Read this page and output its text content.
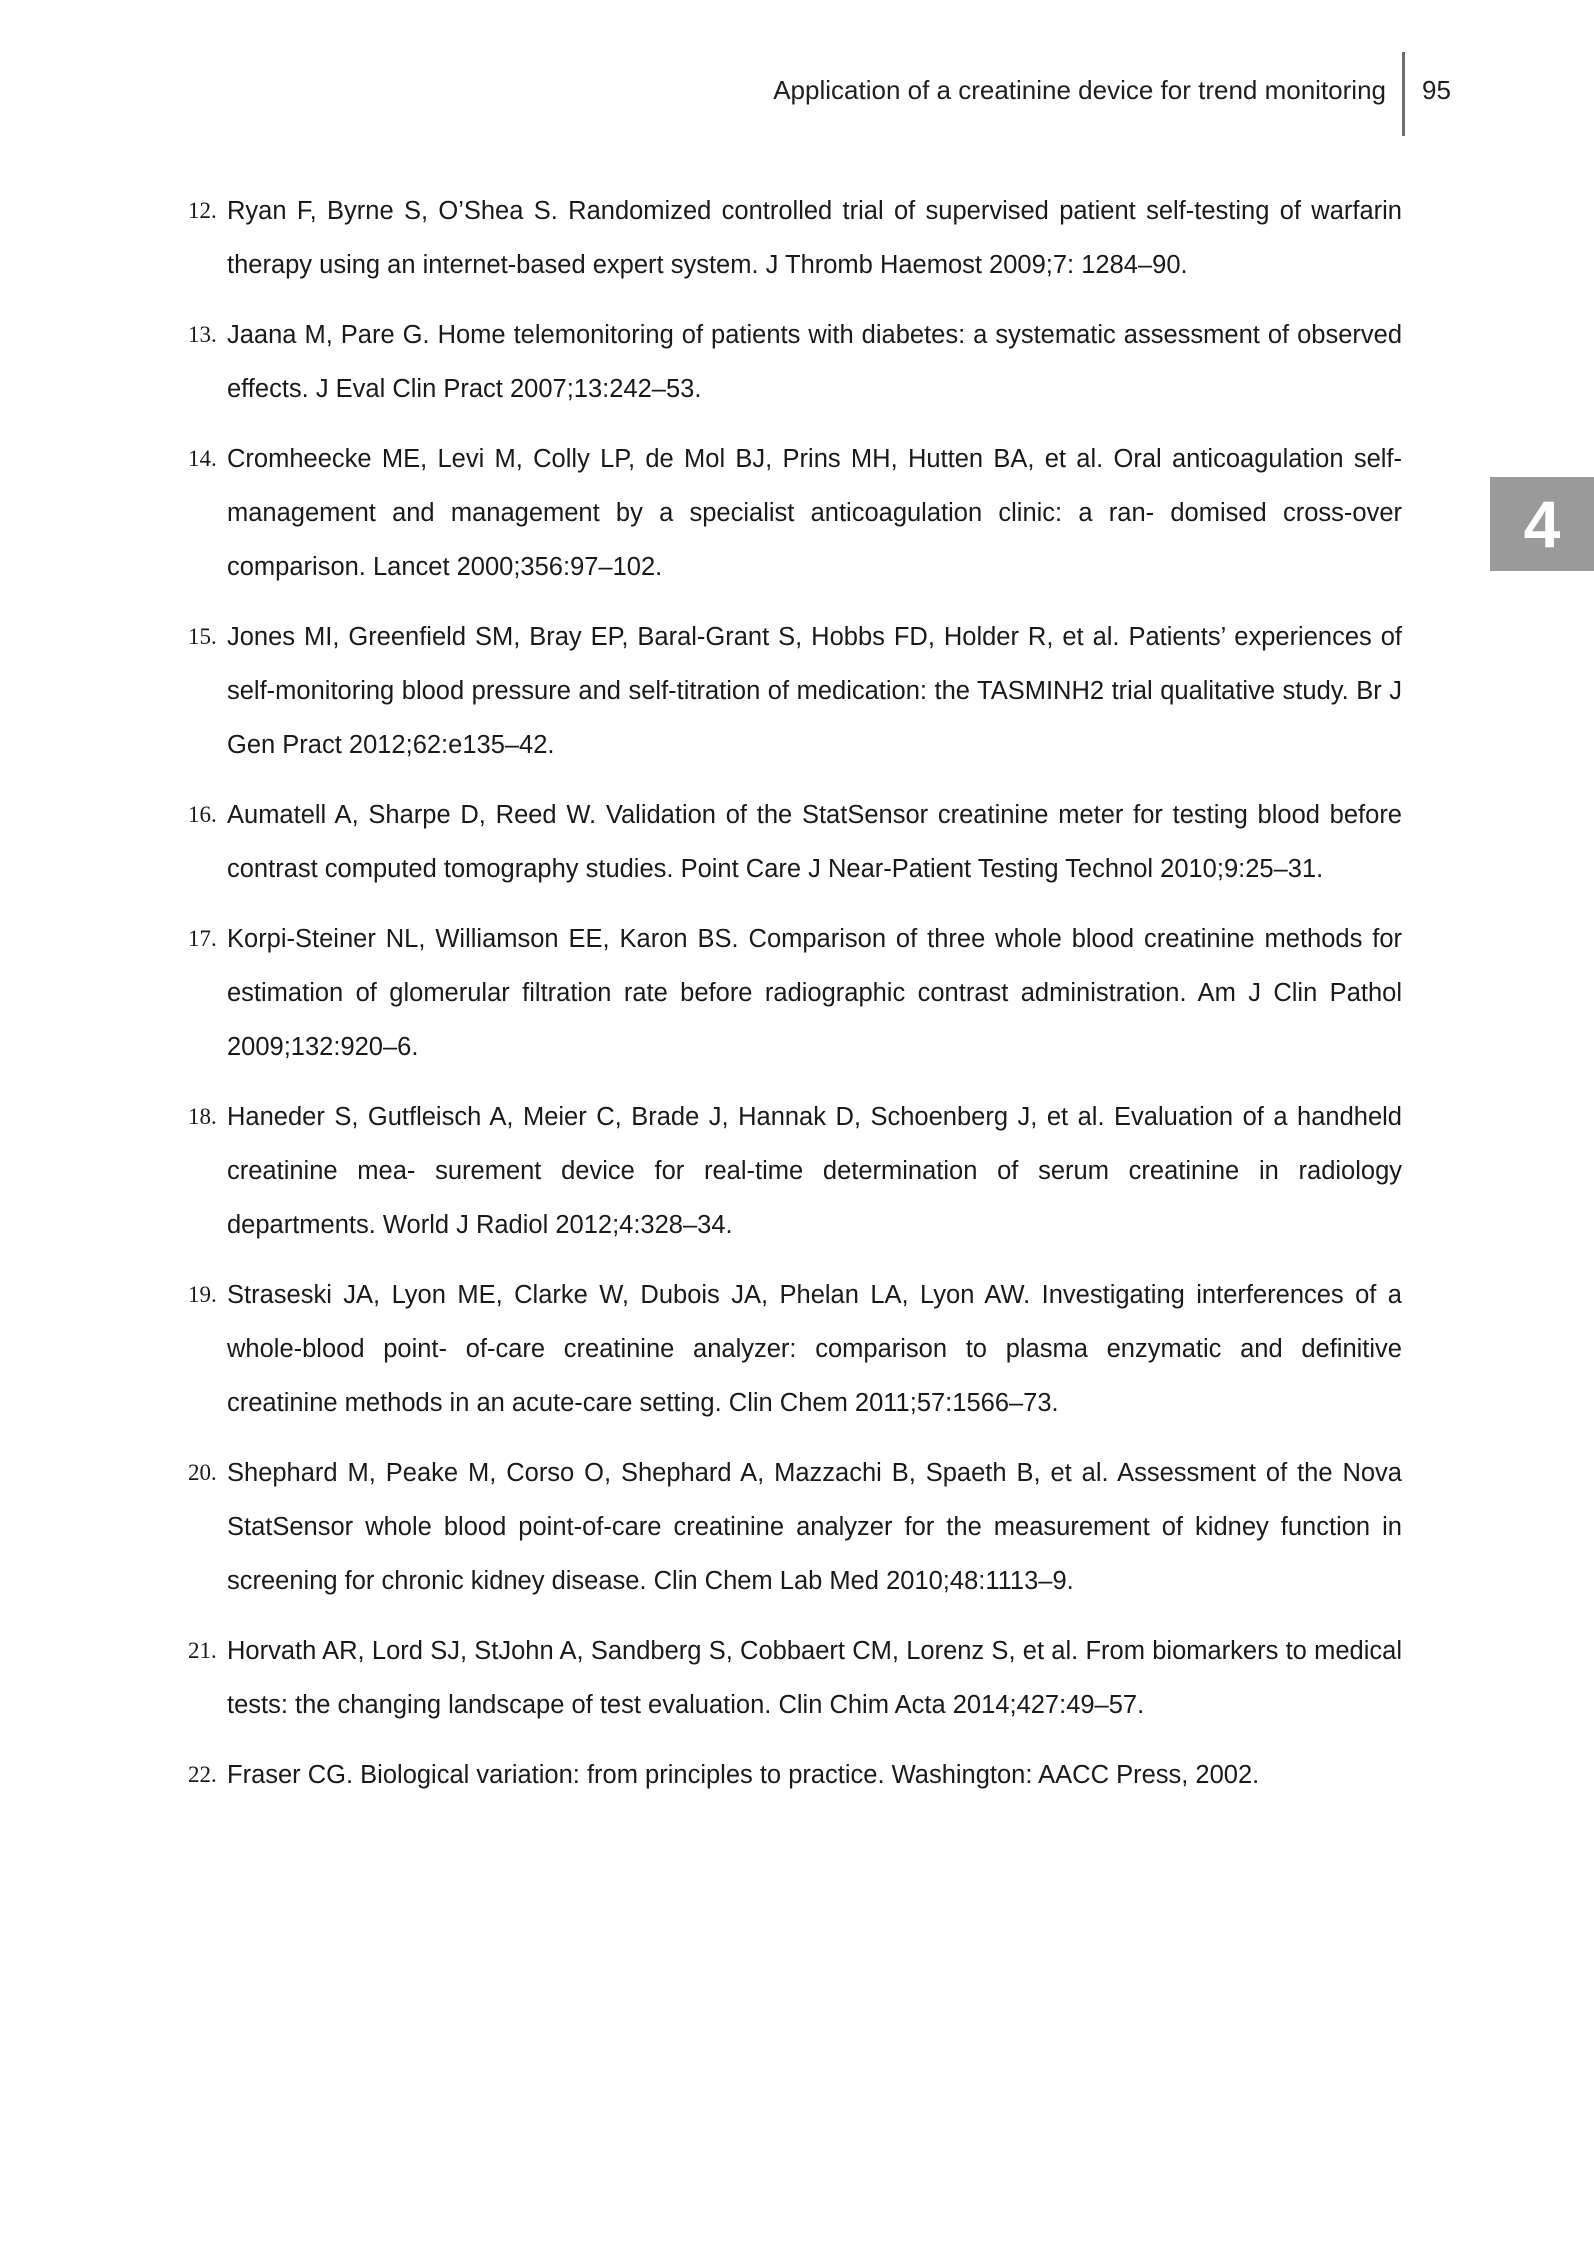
Application of a creatinine device for trend monitoring 95
4
12. Ryan F, Byrne S, O’Shea S. Randomized controlled trial of supervised patient self-testing of warfarin therapy using an internet-based expert system. J Thromb Haemost 2009;7: 1284–90.
13. Jaana M, Pare G. Home telemonitoring of patients with diabetes: a systematic assessment of observed effects. J Eval Clin Pract 2007;13:242–53.
14. Cromheecke ME, Levi M, Colly LP, de Mol BJ, Prins MH, Hutten BA, et al. Oral anticoagulation self-management and management by a specialist anticoagulation clinic: a ran- domised cross-over comparison. Lancet 2000;356:97–102.
15. Jones MI, Greenfield SM, Bray EP, Baral-Grant S, Hobbs FD, Holder R, et al. Patients’ experiences of self-monitoring blood pressure and self-titration of medication: the TASMINH2 trial qualitative study. Br J Gen Pract 2012;62:e135–42.
16. Aumatell A, Sharpe D, Reed W. Validation of the StatSensor creatinine meter for testing blood before contrast computed tomography studies. Point Care J Near-Patient Testing Technol 2010;9:25–31.
17. Korpi-Steiner NL, Williamson EE, Karon BS. Comparison of three whole blood creatinine methods for estimation of glomerular filtration rate before radiographic contrast administration. Am J Clin Pathol 2009;132:920–6.
18. Haneder S, Gutfleisch A, Meier C, Brade J, Hannak D, Schoenberg J, et al. Evaluation of a handheld creatinine mea- surement device for real-time determination of serum creatinine in radiology departments. World J Radiol 2012;4:328–34.
19. Straseski JA, Lyon ME, Clarke W, Dubois JA, Phelan LA, Lyon AW. Investigating interferences of a whole-blood point- of-care creatinine analyzer: comparison to plasma enzymatic and definitive creatinine methods in an acute-care setting. Clin Chem 2011;57:1566–73.
20. Shephard M, Peake M, Corso O, Shephard A, Mazzachi B, Spaeth B, et al. Assessment of the Nova StatSensor whole blood point-of-care creatinine analyzer for the measurement of kidney function in screening for chronic kidney disease. Clin Chem Lab Med 2010;48:1113–9.
21. Horvath AR, Lord SJ, StJohn A, Sandberg S, Cobbaert CM, Lorenz S, et al. From biomarkers to medical tests: the changing landscape of test evaluation. Clin Chim Acta 2014;427:49–57.
22. Fraser CG. Biological variation: from principles to practice. Washington: AACC Press, 2002.
